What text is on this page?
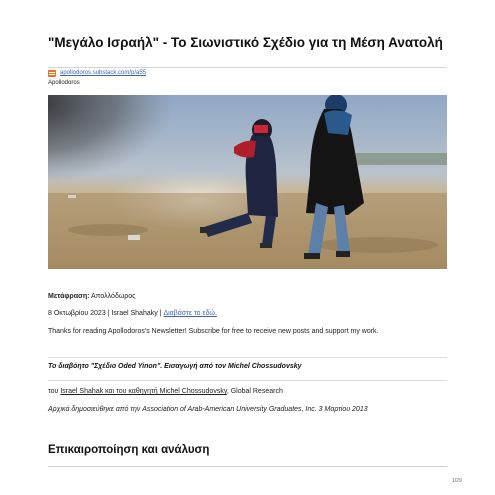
"Μεγάλο Ισραήλ" - Το Σιωνιστικό Σχέδιο για τη Μέση Ανατολή
apollodoros.substack.com/p/a55
Apollodoros
Μετάφραση: Απολλόδωρος
8 Οκτωβρίου 2023 | Israel Shahaky | Διαβάστε το εδώ.
Thanks for reading Apollodoros's Newsletter! Subscribe for free to receive new posts and support my work.
Το διαβόητο "Σχέδιο Oded Yinon". Εισαγωγή από τον Michel Chossudovsky
του Israel Shahak και του καθηγητή Michel Chossudovsky, Global Research
Αρχικά δημοσιεύθηκε από την Association of Arab-American University Graduates, Inc. 3 Μαρτίου 2013
Επικαιροποίηση και ανάλυση
1/29
